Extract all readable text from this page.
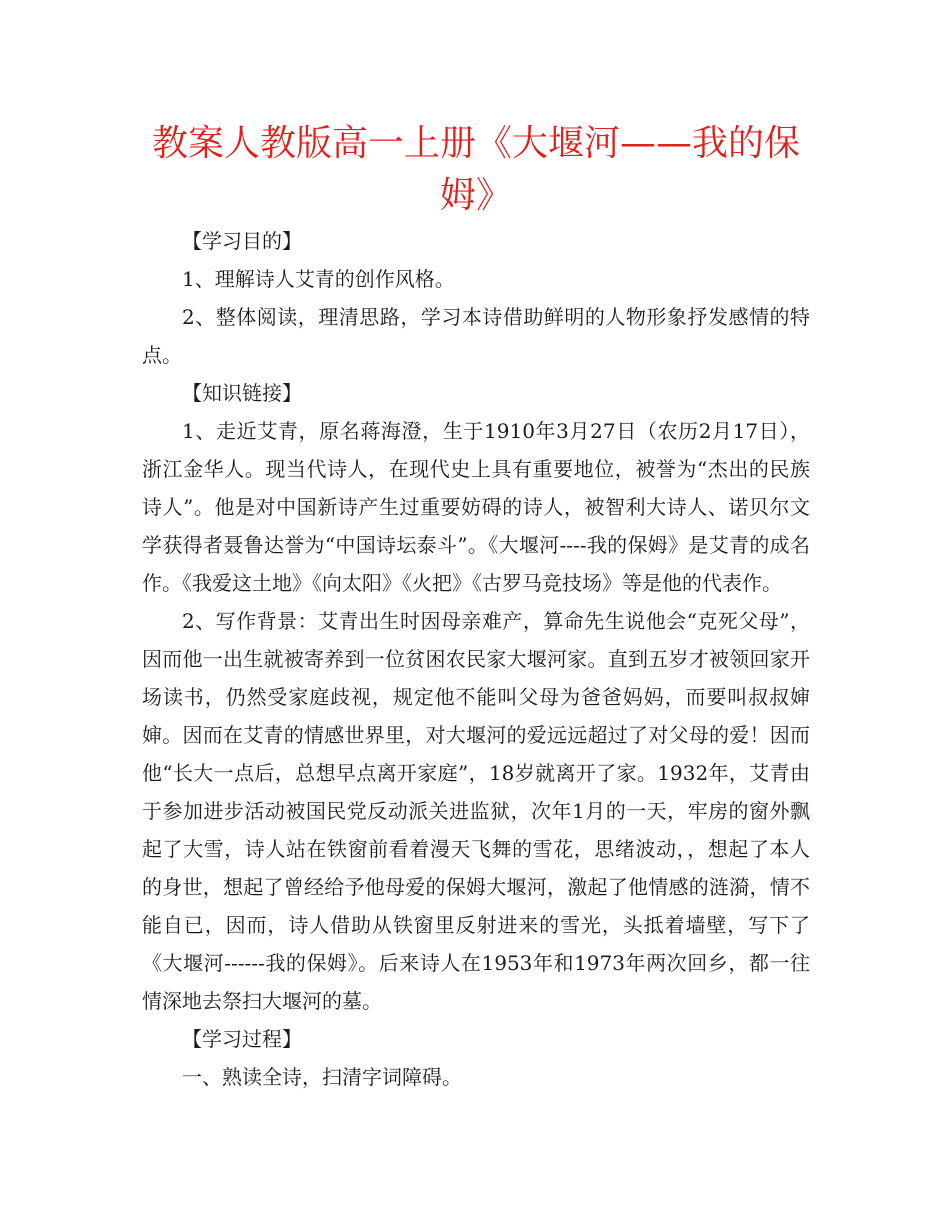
教案人教版高一上册《大堰河——我的保姆》

【学习目的】

1、理解诗人艾青的创作风格。

2、整体阅读，理清思路，学习本诗借助鲜明的人物形象抒发感情的特点。

【知识链接】

1、走近艾青，原名蒋海澄，生于1910年3月27日（农历2月17日），浙江金华人。现当代诗人，在现代史上具有重要地位，被誉为“杰出的民族诗人”。他是对中国新诗产生过重要妨碍的诗人，被智利大诗人、诺贝尔文学获得者聂鲁达誉为“中国诗坛泰斗”。《大堰河----我的保姆》是艾青的成名作。《我爱这土地》《向太阳》《火把》《古罗马竞技场》等是他的代表作。

2、写作背景：艾青出生时因母亲难产，算命先生说他会“克死父母”，因而他一出生就被寄养到一位贫困农民家大堰河家。直到五岁才被领回家开场读书，仍然受家庭歧视，规定他不能叫父母为爸爸妈妈，而要叫叔叔婶婶。因而在艾青的情感世界里，对大堰河的爱远远超过了对父母的爱！因而他“长大一点后，总想早点离开家庭”，18岁就离开了家。1932年，艾青由于参加进步活动被国民党反动派关进监狱，次年1月的一天，牢房的窗外飘起了大雪，诗人站在铁窗前看着漫天飞舞的雪花，思绪波动，，想起了本人的身世，想起了曾经给予他母爱的保姆大堰河，激起了他情感的涟漪，情不能自已，因而，诗人借助从铁窗里反射进来的雪光，头抵着墙壁，写下了《大堰河------我的保姆》。后来诗人在1953年和1973年两次回乡，都一往情深地去祭扫大堰河的墓。

【学习过程】

一、熟读全诗，扫清字词障碍。
